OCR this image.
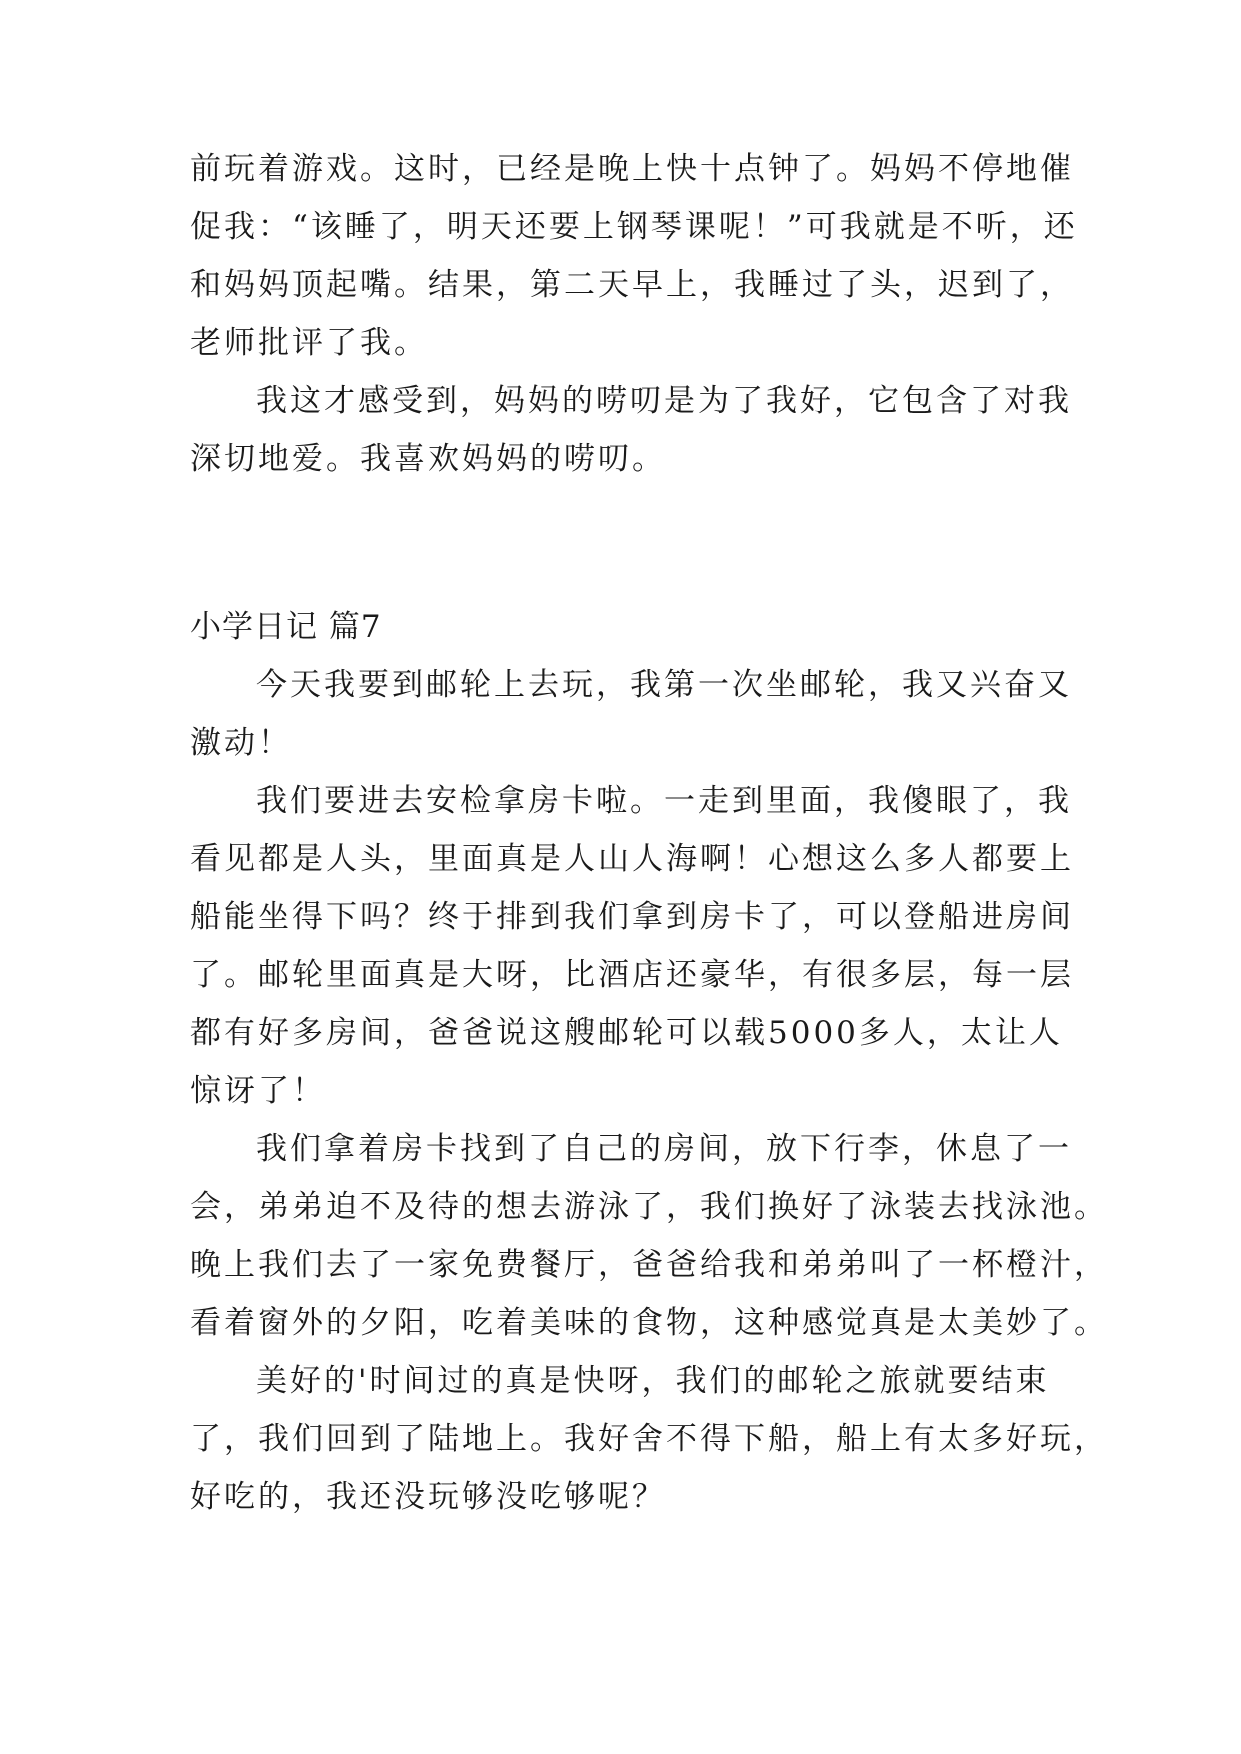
前玩着游戏。这时，已经是晚上快十点钟了。妈妈不停地催
促我：“该睡了，明天还要上钢琴课呢！”可我就是不听，还
和妈妈顶起嘴。结果，第二天早上，我睡过了头，迟到了，
老师批评了我。
我这才感受到，妈妈的唠叨是为了我好，它包含了对我
深切地爱。我喜欢妈妈的唠叨。
小学日记 篇7
今天我要到邮轮上去玩，我第一次坐邮轮，我又兴奋又
激动！
我们要进去安检拿房卡啦。一走到里面，我傻眼了，我
看见都是人头，里面真是人山人海啊！心想这么多人都要上
船能坐得下吗？终于排到我们拿到房卡了，可以登船进房间
了。邮轮里面真是大呀，比酒店还豪华，有很多层，每一层
都有好多房间，爸爸说这艘邮轮可以载5000多人，太让人
惊讶了！
我们拿着房卡找到了自己的房间，放下行李，休息了一
会，弟弟迫不及待的想去游泳了，我们换好了泳装去找泳池。
晚上我们去了一家免费餐厅，爸爸给我和弟弟叫了一杯橙汁，
看着窗外的夕阳，吃着美味的食物，这种感觉真是太美妙了。
美好的'时间过的真是快呀，我们的邮轮之旅就要结束
了，我们回到了陆地上。我好舍不得下船，船上有太多好玩，
好吃的，我还没玩够没吃够呢？
